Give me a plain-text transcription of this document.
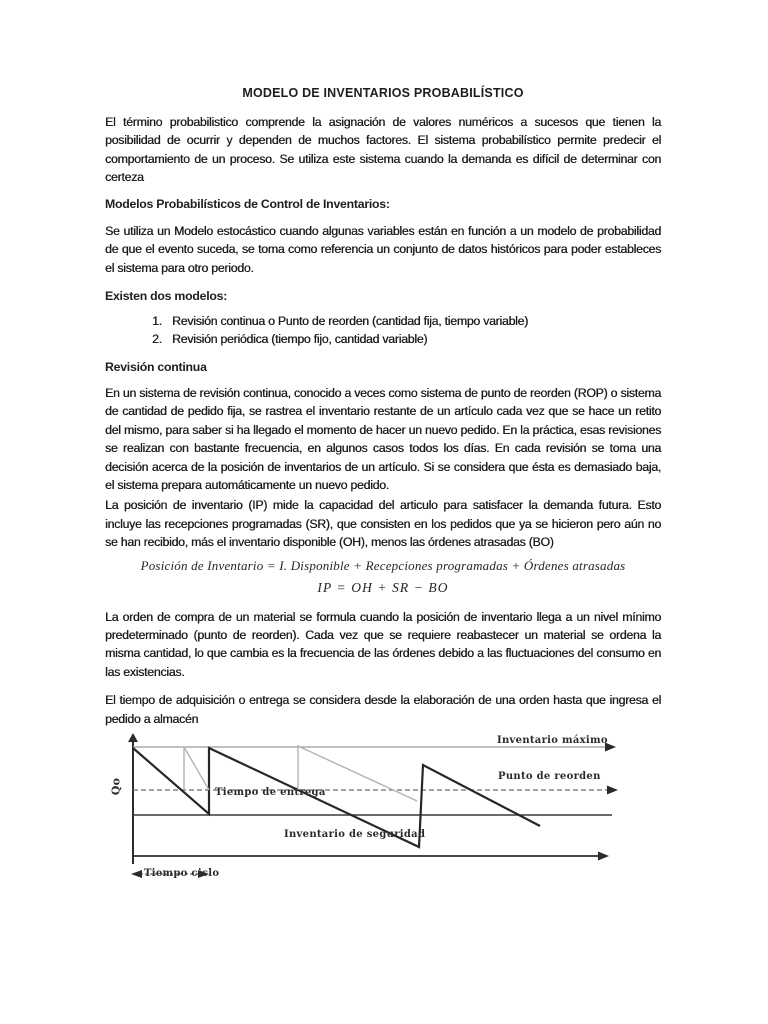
MODELO DE INVENTARIOS PROBABILÍSTICO

El término probabilistico comprende la asignación de valores numéricos a sucesos que tienen la posibilidad de ocurrir y dependen de muchos factores. El sistema probabilístico permite predecir el comportamiento de un proceso. Se utiliza este sistema cuando la demanda es difícil de determinar con certeza

Modelos Probabilísticos de Control de Inventarios:

Se utiliza un Modelo estocástico cuando algunas variables están en función a un modelo de probabilidad de que el evento suceda, se toma como referencia un conjunto de datos históricos para poder estableces el sistema para otro periodo.

Existen dos modelos:

1. Revisión continua o Punto de reorden (cantidad fija, tiempo variable)
2. Revisión periódica (tiempo fijo, cantidad variable)

Revisión continua

En un sistema de revisión continua, conocido a veces como sistema de punto de reorden (ROP) o sistema de cantidad de pedido fija, se rastrea el inventario restante de un artículo cada vez que se hace un retito del mismo, para saber si ha llegado el momento de hacer un nuevo pedido. En la práctica, esas revisiones se realizan con bastante frecuencia, en algunos casos todos los días. En cada revisión se toma una decisión acerca de la posición de inventarios de un artículo. Si se considera que ésta es demasiado baja, el sistema prepara automáticamente un nuevo pedido.

La posición de inventario (IP) mide la capacidad del articulo para satisfacer la demanda futura. Esto incluye las recepciones programadas (SR), que consisten en los pedidos que ya se hicieron pero aún no se han recibido, más el inventario disponible (OH), menos las órdenes atrasadas (BO)

Posición de Inventario = I. Disponible + Recepciones programadas + Órdenes atrasadas
IP = OH + SR − BO

La orden de compra de un material se formula cuando la posición de inventario llega a un nivel mínimo predeterminado (punto de reorden). Cada vez que se requiere reabastecer un material se ordena la misma cantidad, lo que cambia es la frecuencia de las órdenes debido a las fluctuaciones del consumo en las existencias.

El tiempo de adquisición o entrega se considera desde la elaboración de una orden hasta que ingresa el pedido a almacén

Qo
Inventario máximo
Punto de reorden
Tiempo de entrega
Inventario de seguridad
Tiempo ciclo
